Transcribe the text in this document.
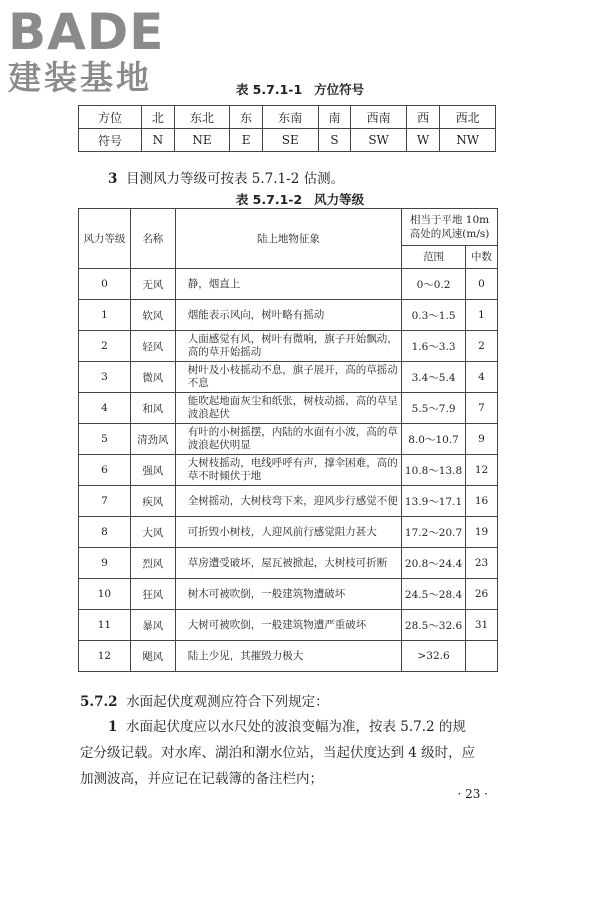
BADE
建装基地	表 5.7.1-1 方位符号
方位	北	东北	东	东南	南	西南	西	西北
符号	N	NE	E	SE	S	SW	W	NW
3 目测风力等级可按表 5.7.1-2 估测。
表 5.7.1-2 风力等级
风力等级	名称	陆上地物征象	相当于平地 10m 高处的风速(m/s)	
			范围	中数
0	无风	静，烟直上	0～0.2	0
1	软风	烟能表示风向，树叶略有摇动	0.3～1.5	1
2	轻风	人面感觉有风，树叶有微响，旗子开始飘动，高的草开始摇动	1.6～3.3	2
3	微风	树叶及小枝摇动不息，旗子展开，高的草摇动不息	3.4～5.4	4
4	和风	能吹起地面灰尘和纸张，树枝动摇，高的草呈波浪起伏	5.5～7.9	7
5	清劲风	有叶的小树摇摆，内陆的水面有小波，高的草波浪起伏明显	8.0～10.7	9
6	强风	大树枝摇动，电线呼呼有声，撑伞困难，高的草不时倾伏于地	10.8～13.8	12
7	疾风	全树摇动，大树枝弯下来，迎风步行感觉不便	13.9～17.1	16
8	大风	可折毁小树枝，人迎风前行感觉阻力甚大	17.2～20.7	19
9	烈风	草房遭受破坏，屋瓦被掀起，大树枝可折断	20.8～24.4	23
10	狂风	树木可被吹倒，一般建筑物遭破坏	24.5～28.4	26
11	暴风	大树可被吹倒，一般建筑物遭严重破坏	28.5～32.6	31
12	飓风	陆上少见，其摧毁力极大	>32.6	
5.7.2 水面起伏度观测应符合下列规定：
1 水面起伏度应以水尺处的波浪变幅为准，按表 5.7.2 的规
定分级记载。对水库、湖泊和潮水位站，当起伏度达到 4 级时，应
加测波高，并应记在记载簿的备注栏内；
· 23 ·
